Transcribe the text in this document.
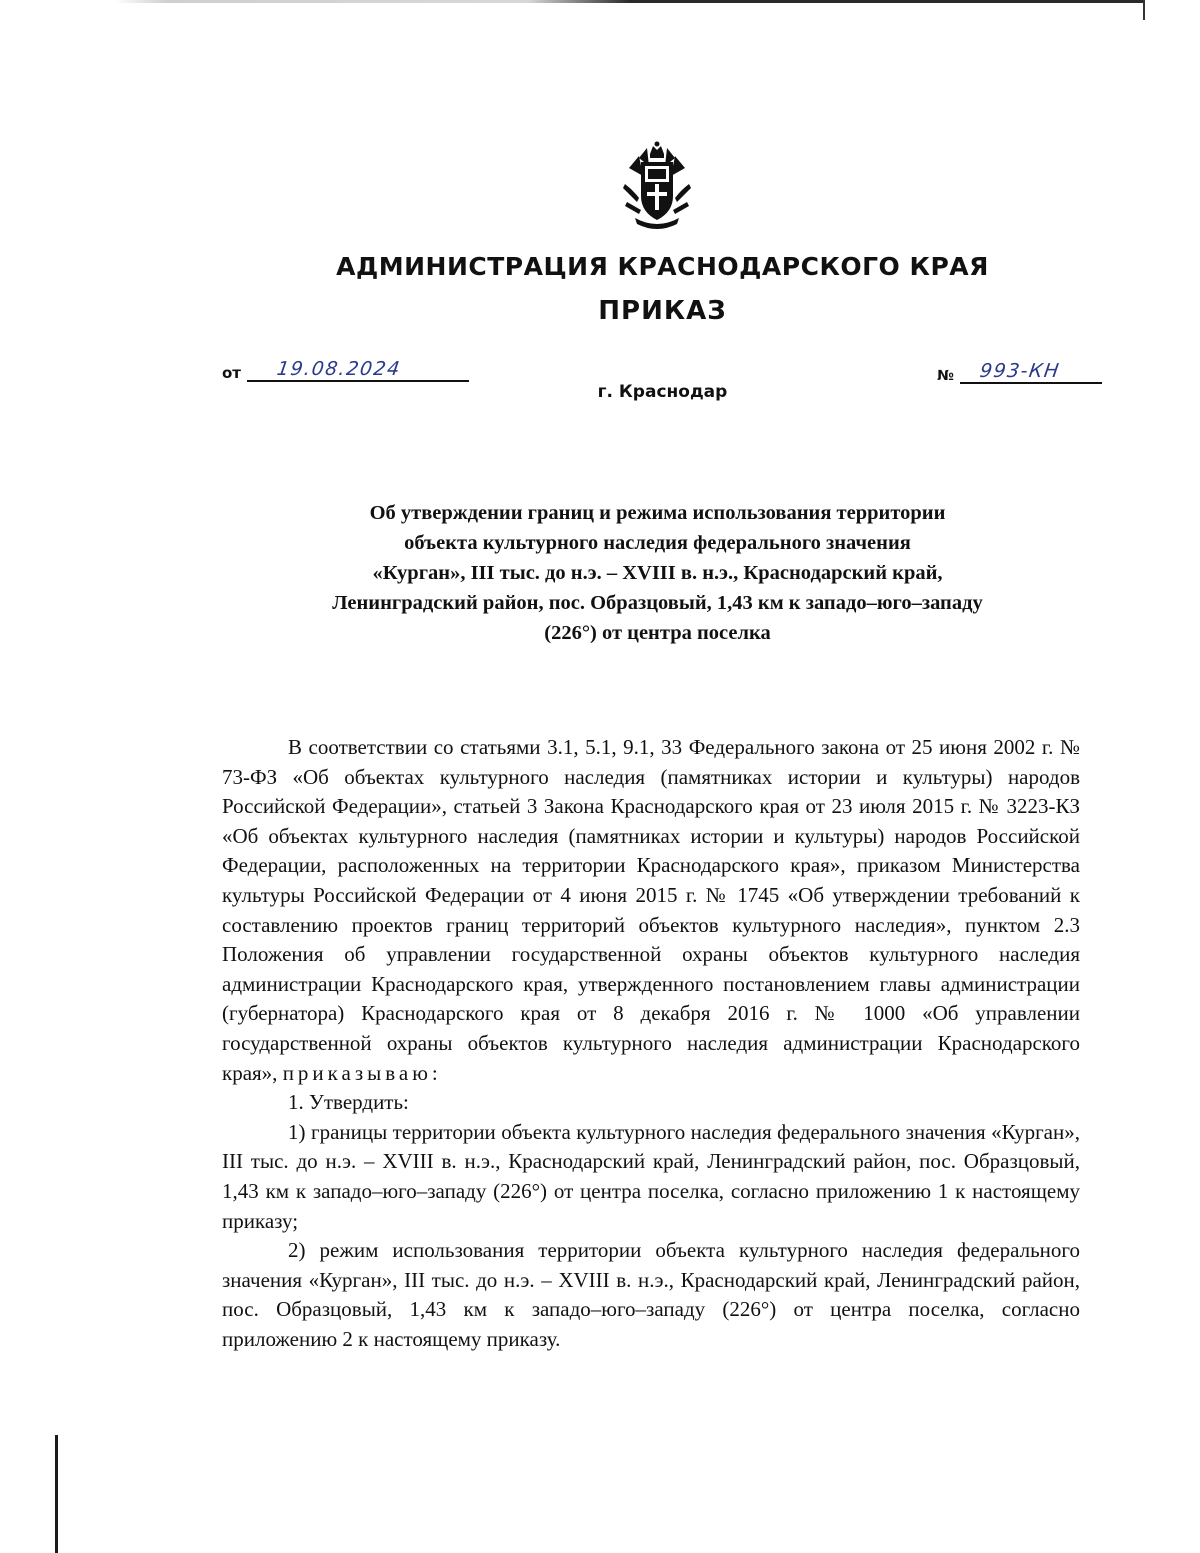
АДМИНИСТРАЦИЯ КРАСНОДАРСКОГО КРАЯ
ПРИКАЗ
от 19.08.2024	№ 993-КН
г. Краснодар
Об утверждении границ и режима использования территории
объекта культурного наследия федерального значения
«Курган», III тыс. до н.э. – XVIII в. н.э., Краснодарский край,
Ленинградский район, пос. Образцовый, 1,43 км к западо–юго–западу
(226°) от центра поселка

В соответствии со статьями 3.1, 5.1, 9.1, 33 Федерального закона от 25 июня 2002 г. № 73-ФЗ «Об объектах культурного наследия (памятниках истории и культуры) народов Российской Федерации», статьей 3 Закона Краснодарского края от 23 июля 2015 г. № 3223-КЗ «Об объектах культурного наследия (памятниках истории и культуры) народов Российской Федерации, расположенных на территории Краснодарского края», приказом Министерства культуры Российской Федерации от 4 июня 2015 г. № 1745 «Об утверждении требований к составлению проектов границ территорий объектов культурного наследия», пунктом 2.3 Положения об управлении государственной охраны объектов культурного наследия администрации Краснодарского края, утвержденного постановлением главы администрации (губернатора) Краснодарского края от 8 декабря 2016 г. № 1000 «Об управлении государственной охраны объектов культурного наследия администрации Краснодарского края», приказываю:

1. Утвердить:

1) границы территории объекта культурного наследия федерального значения «Курган», III тыс. до н.э. – XVIII в. н.э., Краснодарский край, Ленинградский район, пос. Образцовый, 1,43 км к западо–юго–западу (226°) от центра поселка, согласно приложению 1 к настоящему приказу;

2) режим использования территории объекта культурного наследия федерального значения «Курган», III тыс. до н.э. – XVIII в. н.э., Краснодарский край, Ленинградский район, пос. Образцовый, 1,43 км к западо–юго–западу (226°) от центра поселка, согласно приложению 2 к настоящему приказу.
